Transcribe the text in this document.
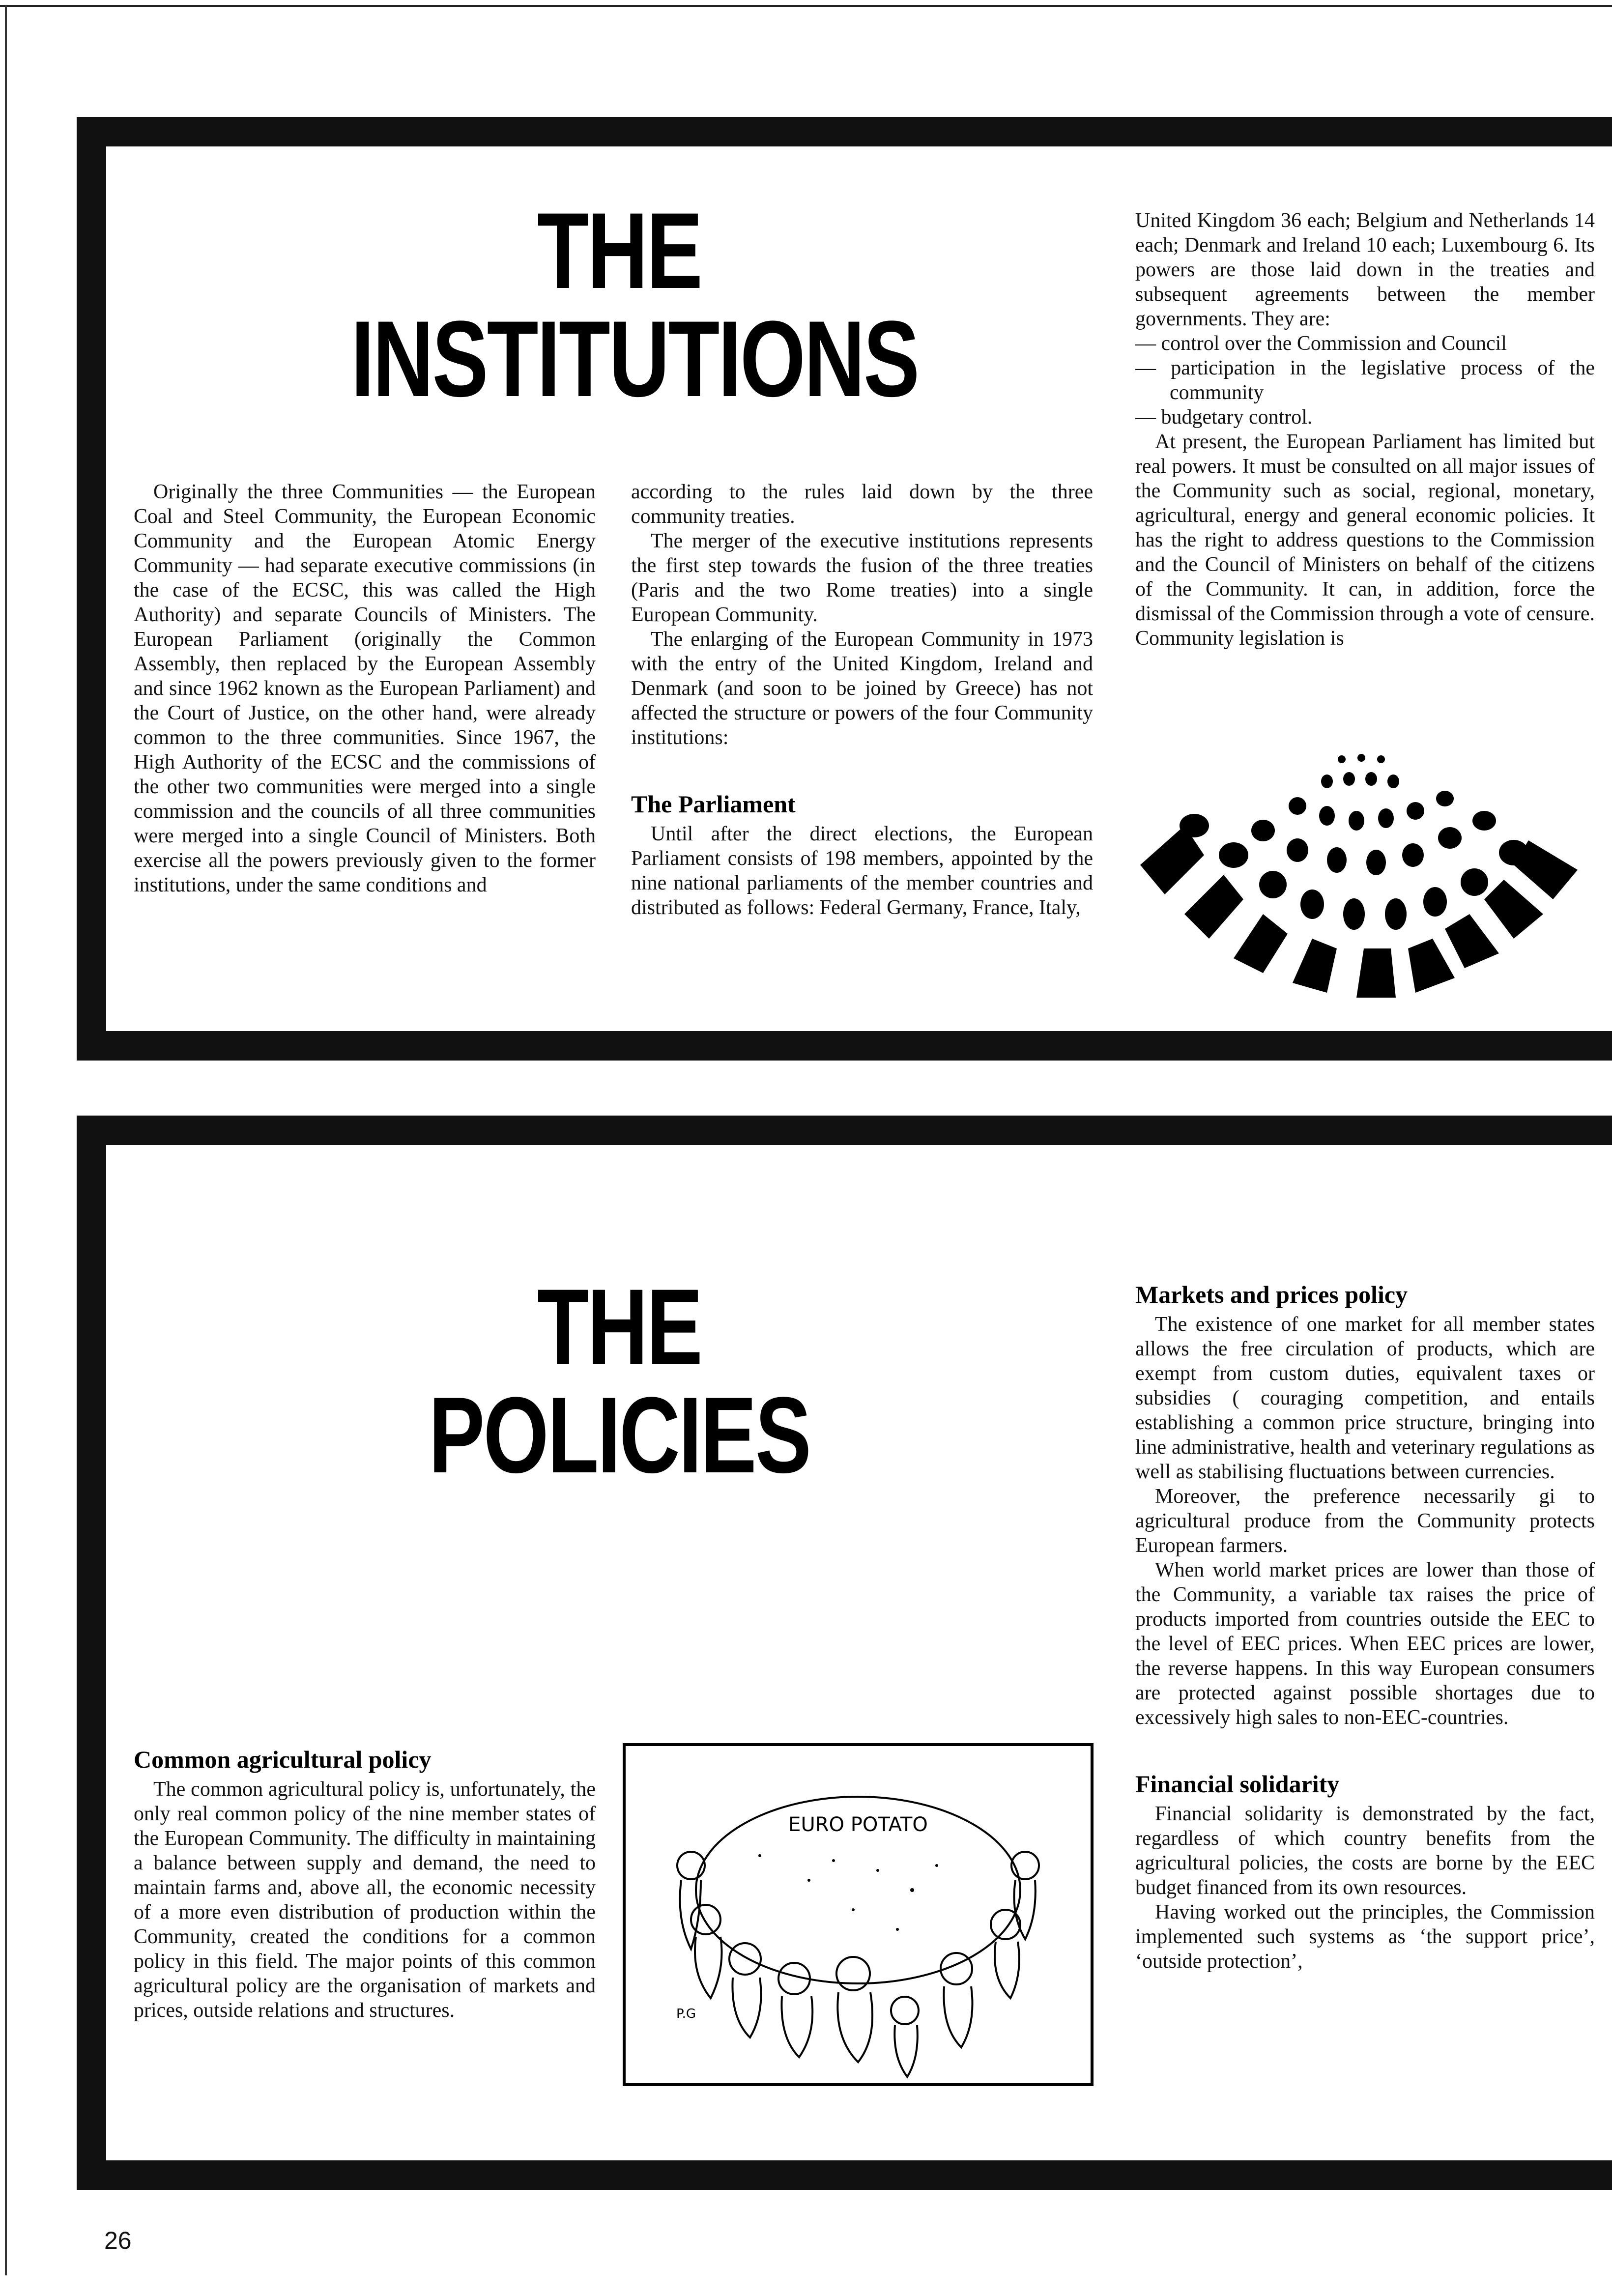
THE
INSTITUTIONS

Originally the three Communities — the European Coal and Steel Community, the European Economic Community and the European Atomic Energy Community — had separate executive commissions (in the case of the ECSC, this was called the High Authority) and separate Councils of Ministers. The European Parliament (originally the Common Assembly, then replaced by the European Assembly and since 1962 known as the European Parliament) and the Court of Justice, on the other hand, were already common to the three communities. Since 1967, the High Authority of the ECSC and the commissions of the other two communities were merged into a single commission and the councils of all three communities were merged into a single Council of Ministers. Both exercise all the powers previously given to the former institutions, under the same conditions and

according to the rules laid down by the three community treaties.

The merger of the executive institutions represents the first step towards the fusion of the three treaties (Paris and the two Rome treaties) into a single European Community.

The enlarging of the European Community in 1973 with the entry of the United Kingdom, Ireland and Denmark (and soon to be joined by Greece) has not affected the structure or powers of the four Community institutions:

The Parliament

Until after the direct elections, the European Parliament consists of 198 members, appointed by the nine national parliaments of the member countries and distributed as follows: Federal Germany, France, Italy,

United Kingdom 36 each; Belgium and Netherlands 14 each; Denmark and Ireland 10 each; Luxembourg 6. Its powers are those laid down in the treaties and subsequent agreements between the member governments. They are:

— control over the Commission and Council
— participation in the legislative process of the community
— budgetary control.

At present, the European Parliament has limited but real powers. It must be consulted on all major issues of the Community such as social, regional, monetary, agricultural, energy and general economic policies. It has the right to address questions to the Commission and the Council of Ministers on behalf of the citizens of the Community. It can, in addition, force the dismissal of the Commission through a vote of censure. Community legislation is

THE
POLICIES
Common agricultural policy

The common agricultural policy is, unfortunately, the only real common policy of the nine member states of the European Community. The difficulty in maintaining a balance between supply and demand, the need to maintain farms and, above all, the economic necessity of a more even distribution of production within the Community, created the conditions for a common policy in this field. The major points of this common agricultural policy are the organisation of markets and prices, outside relations and structures.

EURO POTATO
P.G
Markets and prices policy

The existence of one market for all member states allows the free circulation of products, which are exempt from custom duties, equivalent taxes or subsidies ( couraging competition, and entails establishing a common price structure, bringing into line administrative, health and veterinary regulations as well as stabilising fluctuations between currencies.

Moreover, the preference necessarily gi to agricultural produce from the Community protects European farmers.

When world market prices are lower than those of the Community, a variable tax raises the price of products imported from countries outside the EEC to the level of EEC prices. When EEC prices are lower, the reverse happens. In this way European consumers are protected against possible shortages due to excessively high sales to non-EEC-countries.

Financial solidarity

Financial solidarity is demonstrated by the fact, regardless of which country benefits from the agricultural policies, the costs are borne by the EEC budget financed from its own resources.

Having worked out the principles, the Commission implemented such systems as ‘the support price’, ‘outside protection’,

26
